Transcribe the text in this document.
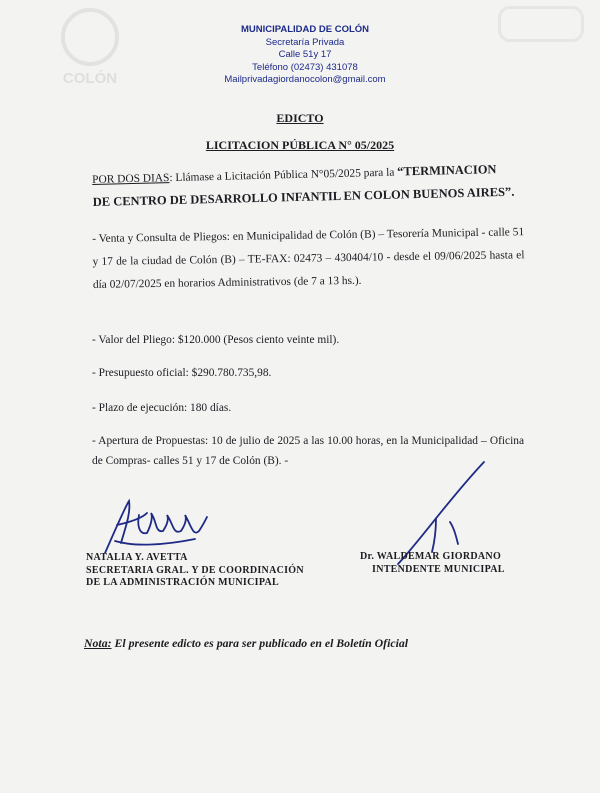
COLÓN
MUNICIPALIDAD DE COLÓN
Secretaría Privada
Calle 51y 17
Teléfono (02473) 431078
Mailprivadagiordanocolon@gmail.com
EDICTO
LICITACION PÚBLICA N° 05/2025
POR DOS DIAS: Llámase a Licitación Pública N°05/2025 para la “TERMINACION
DE CENTRO DE DESARROLLO INFANTIL EN COLON BUENOS AIRES”.
- Venta y Consulta de Pliegos: en Municipalidad de Colón (B) – Tesorería Municipal - calle 51 y 17 de la ciudad de Colón (B) – TE-FAX: 02473 – 430404/10 - desde el 09/06/2025 hasta el día 02/07/2025 en horarios Administrativos (de 7 a 13 hs.).
- Valor del Pliego: $120.000 (Pesos ciento veinte mil).
- Presupuesto oficial: $290.780.735,98.
- Plazo de ejecución: 180 días.
- Apertura de Propuestas: 10 de julio de 2025 a las 10.00 horas, en la Municipalidad – Oficina de Compras- calles 51 y 17 de Colón (B). -
NATALIA Y. AVETTA
SECRETARIA GRAL. Y DE COORDINACIÓN
DE LA ADMINISTRACIÓN MUNICIPAL
Dr. WALDEMAR GIORDANO
INTENDENTE MUNICIPAL
Nota: El presente edicto es para ser publicado en el Boletín Oficial
